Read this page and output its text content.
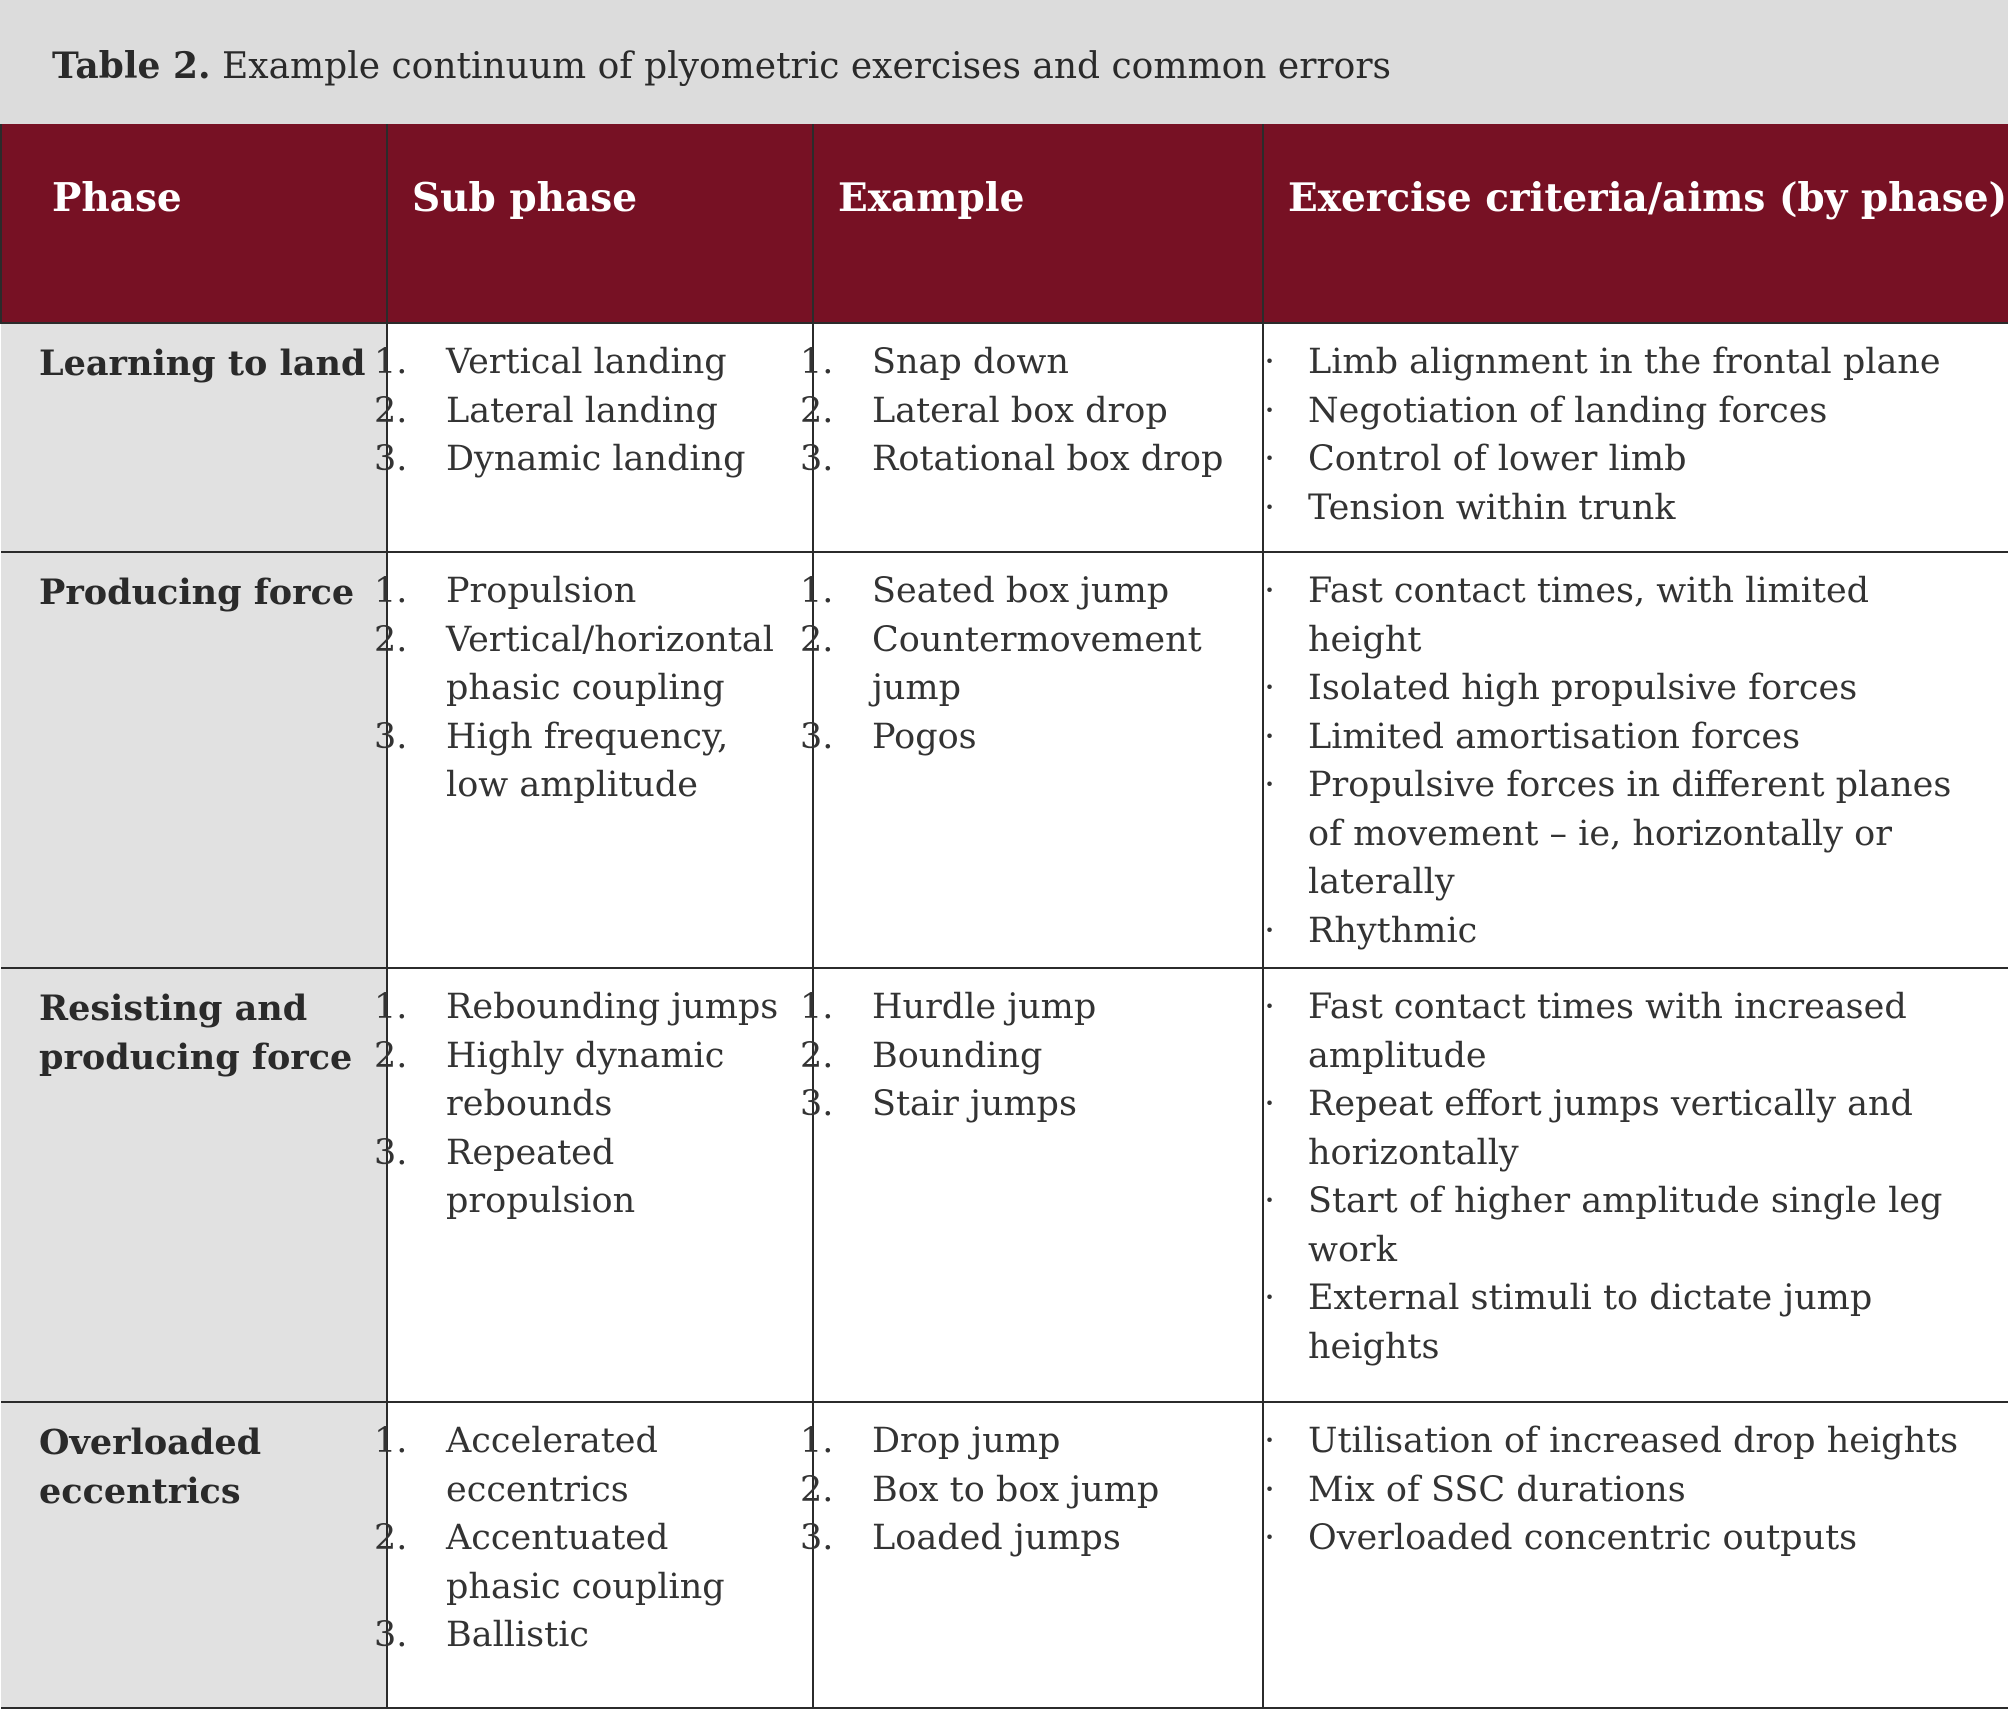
Table 2. Example continuum of plyometric exercises and common errors
Phase	Sub phase	Example	Exercise criteria/aims (by phase)
Learning to land	1. Vertical landing
2. Lateral landing
3. Dynamic landing	1. Snap down
2. Lateral box drop
3. Rotational box drop	· Limb alignment in the frontal plane
· Negotiation of landing forces
· Control of lower limb
· Tension within trunk

Producing force	1. Propulsion
2. Vertical/horizontal phasic coupling
3. High frequency, low amplitude	1. Seated box jump
2. Countermovement jump
3. Pogos	· Fast contact times, with limited height
· Isolated high propulsive forces
· Limited amortisation forces
· Propulsive forces in different planes of movement – ie, horizontally or laterally
· Rhythmic

Resisting and producing force	1. Rebounding jumps
2. Highly dynamic rebounds
3. Repeated propulsion	1. Hurdle jump
2. Bounding
3. Stair jumps	· Fast contact times with increased amplitude
· Repeat effort jumps vertically and horizontally
· Start of higher amplitude single leg work
· External stimuli to dictate jump heights

Overloaded eccentrics	1. Accelerated eccentrics
2. Accentuated phasic coupling
3. Ballistic	1. Drop jump
2. Box to box jump
3. Loaded jumps	· Utilisation of increased drop heights
· Mix of SSC durations
· Overloaded concentric outputs
